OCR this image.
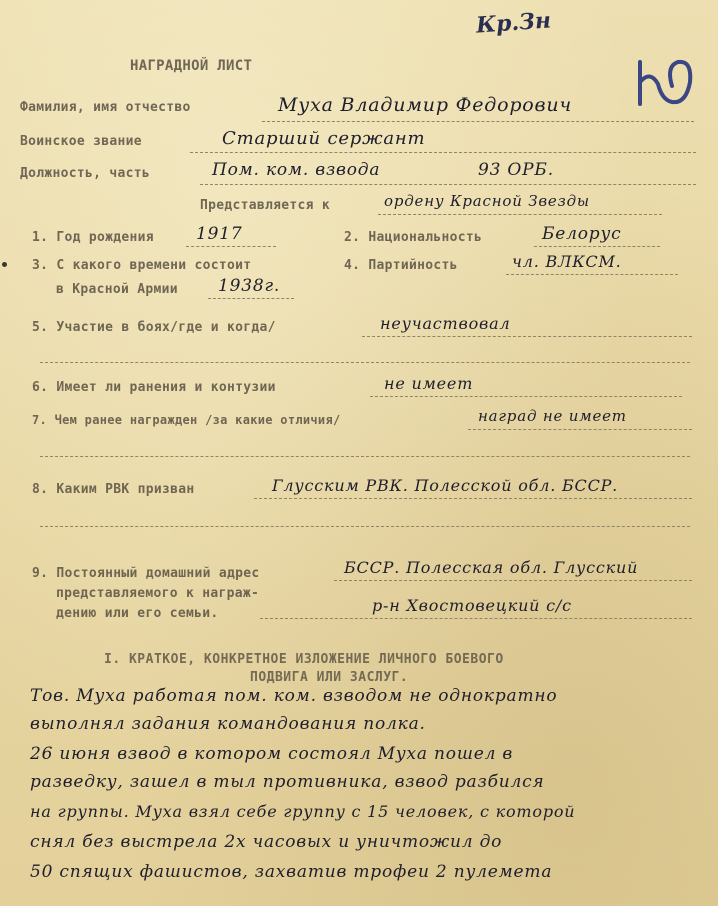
Кр.Зн
НАГРАДНОЙ ЛИСТ
Фамилия, имя отчество	Муха Владимир Федорович
Воинское звание	Старший сержант
Должность, часть	Пом. ком. взвода	93 ОРБ.
Представляется к	ордену Красной Звезды
1. Год рождения 1917	2. Национальность	Белорус
3. С какого времени состоит
в Красной Армии 1938г.
4. Партийность	чл. ВЛКСМ.
5. Участие в боях/где и когда/	неучаствовал
6. Имеет ли ранения и контузии	не имеет
7. Чем ранее награжден /за какие отличия/	наград не имеет
8. Каким РВК призван	Глусским РВК. Полесской обл. БССР.
9. Постоянный домашний адрес
представляемого к награж-
дению или его семьи.
БССР. Полесская обл. Глусский
р-н Хвостовецкий с/с
I. КРАТКОЕ, КОНКРЕТНОЕ ИЗЛОЖЕНИЕ ЛИЧНОГО БОЕВОГО
ПОДВИГА ИЛИ ЗАСЛУГ.
Тов. Муха работая пом. ком. взводом не однократно
выполнял задания командования полка.
26 июня взвод в котором состоял Муха пошел в
разведку, зашел в тыл противника, взвод разбился
на группы. Муха взял себе группу с 15 человек, с которой
снял без выстрела 2х часовых и уничтожил до
50 спящих фашистов, захватив трофеи 2 пулемета
